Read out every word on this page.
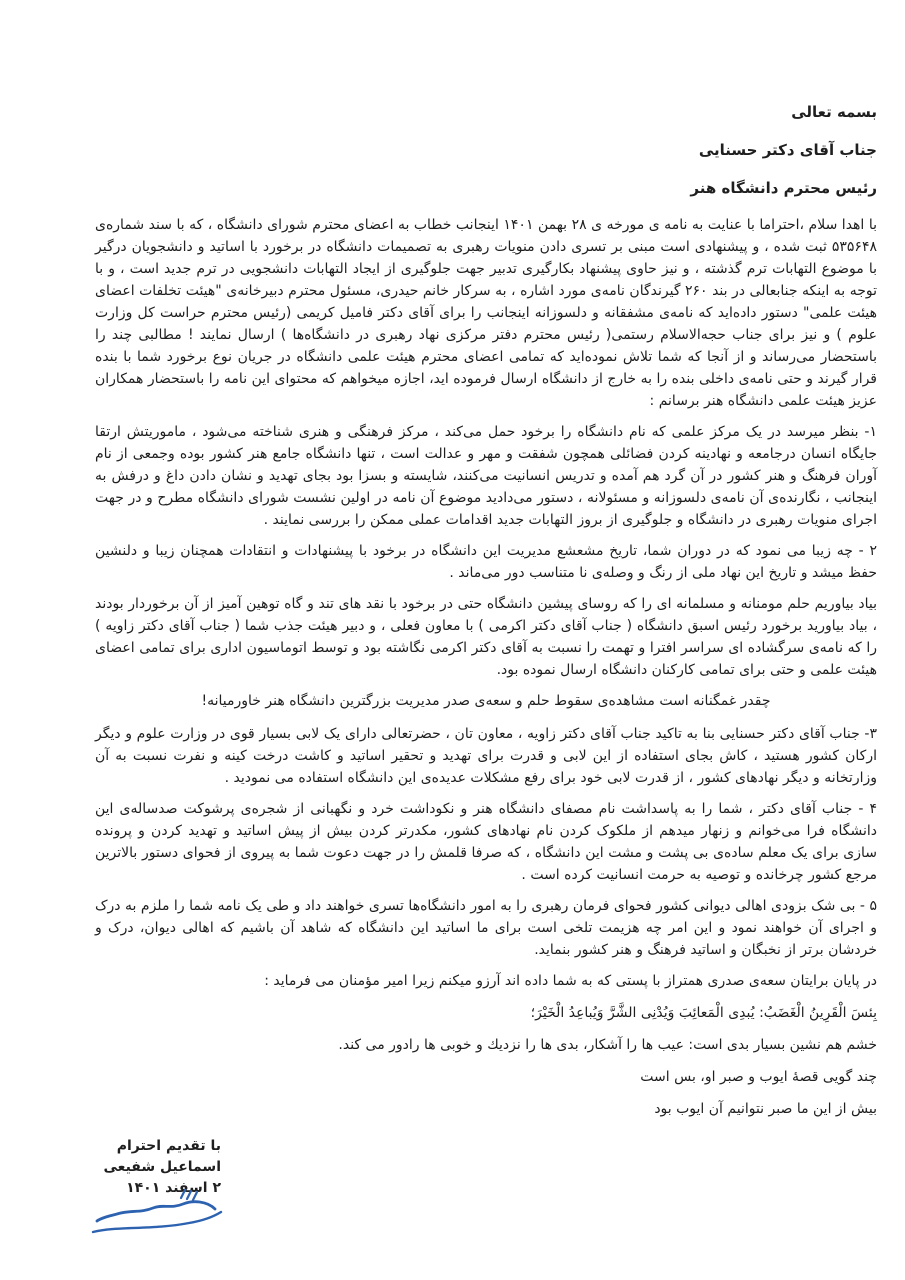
بسمه تعالی

جناب آقای دکتر حسنایی

رئیس محترم دانشگاه هنر

با اهدا سلام ،احتراما با عنایت به نامه ی مورخه ی ۲۸ بهمن ۱۴۰۱ اینجانب خطاب به اعضای محترم شورای دانشگاه ، که با سند شماره‌ی ۵۳۵۶۴۸ ثبت شده ، و پیشنهادی است مبنی بر تسری دادن منویات رهبری به تصمیمات دانشگاه در برخورد با اساتید و دانشجویان درگیر با موضوع التهابات ترم گذشته ، و نیز حاوی پیشنهاد بکارگیری تدبیر جهت جلوگیری از ایجاد التهابات دانشجویی در ترم جدید است ، و با توجه به اینکه جنابعالی در بند ۲۶۰ گیرندگان نامه‌ی مورد اشاره ، به سرکار خانم حیدری، مسئول محترم دبیرخانه‌ی "هیئت تخلفات اعضای هیئت علمی" دستور داده‌اید که نامه‌ی مشفقانه و دلسوزانه اینجانب را برای آقای دکتر فامیل کریمی (رئیس محترم حراست کل وزارت علوم ) و نیز برای جناب حجه‌الاسلام رستمی( رئیس محترم دفتر مرکزی نهاد رهبری در دانشگاه‌ها ) ارسال نمایند ! مطالبی چند را باستحضار می‌رساند و از آنجا که شما تلاش نموده‌اید که تمامی اعضای محترم هیئت علمی دانشگاه در جریان نوع برخورد شما با بنده قرار گیرند و حتی نامه‌ی داخلی بنده را به خارج از دانشگاه ارسال فرموده اید، اجازه میخواهم که محتوای این نامه را باستحضار همکاران عزیز هیئت علمی دانشگاه هنر برسانم :

۱- بنظر میرسد در یک مرکز علمی که نام دانشگاه را برخود حمل می‌کند ، مرکز فرهنگی و هنری شناخته می‌شود ، ماموریتش ارتقا جایگاه انسان درجامعه و نهادینه کردن فضائلی همچون شفقت و مهر و عدالت است ، تنها دانشگاه جامع هنر کشور بوده وجمعی از نام آوران فرهنگ و هنر کشور در آن گرد هم آمده و تدریس انسانیت می‌کنند، شایسته و بسزا بود بجای تهدید و نشان دادن داغ و درفش به اینجانب ، نگارنده‌ی آن نامه‌ی دلسوزانه و مسئولانه ، دستور می‌دادید موضوع آن نامه در اولین نشست شورای دانشگاه مطرح و در جهت اجرای منویات رهبری در دانشگاه و جلوگیری از بروز التهابات جدید اقدامات عملی ممکن را بررسی نمایند .

۲ - چه زیبا می نمود که در دوران شما، تاریخ مشعشع مدیریت این دانشگاه در برخود با پیشنهادات و انتقادات همچنان زیبا و دلنشین حفظ میشد و تاریخ این نهاد ملی از رنگ و وصله‌ی نا متناسب دور می‌ماند .

بیاد بیاوریم حلم مومنانه و مسلمانه ای را که روسای پیشین دانشگاه حتی در برخود با نقد های تند و گاه توهین آمیز از آن برخوردار بودند ، بیاد بیاورید برخورد رئیس اسبق دانشگاه ( جناب آقای دکتر اکرمی ) با معاون فعلی ، و دبیر هیئت جذب شما ( جناب آقای دکتر زاویه ) را که نامه‌ی سرگشاده ای سراسر افترا و تهمت را نسبت به آقای دکتر اکرمی نگاشته بود و توسط اتوماسیون اداری برای تمامی اعضای هیئت علمی و حتی برای تمامی کارکنان دانشگاه ارسال نموده بود.

چقدر غمگنانه است مشاهده‌ی سقوط حلم و سعه‌ی صدر مدیریت بزرگترین دانشگاه هنر خاورمیانه!

۳- جناب آقای دکتر حسنایی بنا به تاکید جناب آقای دکتر زاویه ، معاون تان ، حضرتعالی دارای یک لابی بسیار قوی در وزارت علوم و دیگر ارکان کشور هستید ، کاش بجای استفاده از این لابی و قدرت برای تهدید و تحقیر اساتید و کاشت درخت کینه و نفرت نسبت به آن وزارتخانه و دیگر نهادهای کشور ، از قدرت لابی خود برای رفع مشکلات عدیده‌ی این دانشگاه استفاده می نمودید .

۴ - جناب آقای دکتر ، شما را به پاسداشت نام مصفای دانشگاه هنر و نکوداشت خرد و نگهبانی از شجره‌ی پرشوکت صدساله‌ی این دانشگاه فرا می‌خوانم و زنهار میدهم از ملکوک کردن نام نهادهای کشور، مکدرتر کردن بیش از پیش اساتید و تهدید کردن و پرونده سازی برای یک معلم ساده‌ی بی پشت و مشت این دانشگاه ، که صرفا قلمش را در جهت دعوت شما به پیروی از فحوای دستور بالاترین مرجع کشور چرخانده و توصیه به حرمت انسانیت کرده است .

۵ - بی شک بزودی اهالی دیوانی کشور فحوای فرمان رهبری را به امور دانشگاه‌ها تسری خواهند داد و طی یک نامه شما را ملزم به درک و اجرای آن خواهند نمود و این امر چه هزیمت تلخی است برای ما اساتید این دانشگاه که شاهد آن باشیم که اهالی دیوان، درک و خردشان برتر از نخبگان و اساتید فرهنگ و هنر کشور بنماید.

در پایان برایتان سعه‌ی صدری همتراز با پستی که به شما داده اند آرزو میکنم زیرا امیر مؤمنان می فرماید :

بِئسَ الْقَرِينُ الْغَضَبُ: يُبدِی الْمَعائِبَ وَيُدْنِی الشَّرَّ وَيُباعِدُ الْخَيْرَ؛

خشم هم نشین بسیار بدی است: عیب ها را آشکار، بدی ها را نزدیك و خوبی ها رادور می کند.

چند گویی قصهٔ ایوب و صبر او، بس است

بیش از این ما صبر نتوانیم آن ایوب بود

با تقدیم احترام

اسماعیل شفیعی

۲ اسفند ۱۴۰۱
